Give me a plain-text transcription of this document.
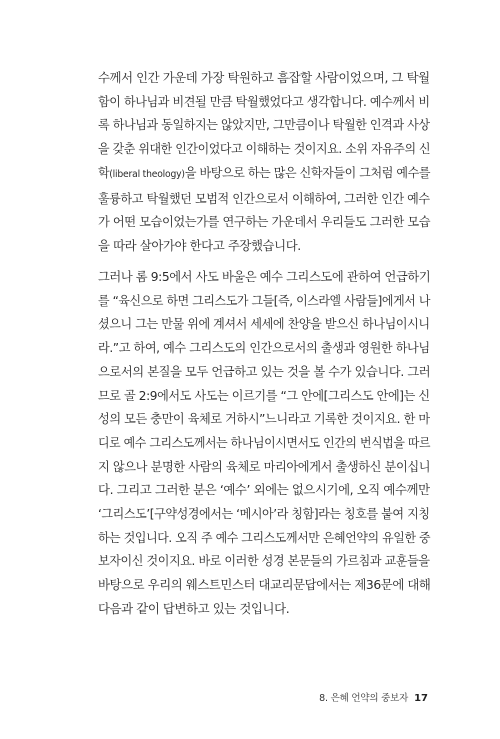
수께서 인간 가운데 가장 탁원하고 흠잡할 사람이었으며, 그 탁월
함이 하나님과 비견될 만큼 탁월했었다고 생각합니다. 예수께서 비
록 하나님과 동일하지는 않았지만, 그만큼이나 탁월한 인격과 사상
을 갖춘 위대한 인간이었다고 이해하는 것이지요. 소위 자유주의 신
학(liberal theology)을 바탕으로 하는 많은 신학자들이 그처럼 예수를
훌륭하고 탁월했던 모범적 인간으로서 이해하여, 그러한 인간 예수
가 어떤 모습이었는가를 연구하는 가운데서 우리들도 그러한 모습
을 따라 살아가야 한다고 주장했습니다.

그러나 롬 9:5에서 사도 바울은 예수 그리스도에 관하여 언급하기
를 “육신으로 하면 그리스도가 그들[즉, 이스라엘 사람들]에게서 나
셨으니 그는 만물 위에 계셔서 세세에 찬양을 받으신 하나님이시니
라.”고 하여, 예수 그리스도의 인간으로서의 출생과 영원한 하나님
으로서의 본질을 모두 언급하고 있는 것을 볼 수가 있습니다. 그러
므로 골 2:9에서도 사도는 이르기를 “그 안에[그리스도 안에]는 신
성의 모든 충만이 육체로 거하시”느니라고 기록한 것이지요. 한 마
디로 예수 그리스도께서는 하나님이시면서도 인간의 번식법을 따르
지 않으나 분명한 사람의 육체로 마리아에게서 출생하신 분이십니
다. 그리고 그러한 분은 ‘예수’ 외에는 없으시기에, 오직 예수께만
‘그리스도’[구약성경에서는 ‘메시아’라 칭함]라는 칭호를 붙여 지칭
하는 것입니다. 오직 주 예수 그리스도께서만 은혜언약의 유일한 중
보자이신 것이지요. 바로 이러한 성경 본문들의 가르침과 교훈들을
바탕으로 우리의 웨스트민스터 대교리문답에서는 제36문에 대해
다음과 같이 답변하고 있는 것입니다.

8. 은혜 언약의 중보자 17
